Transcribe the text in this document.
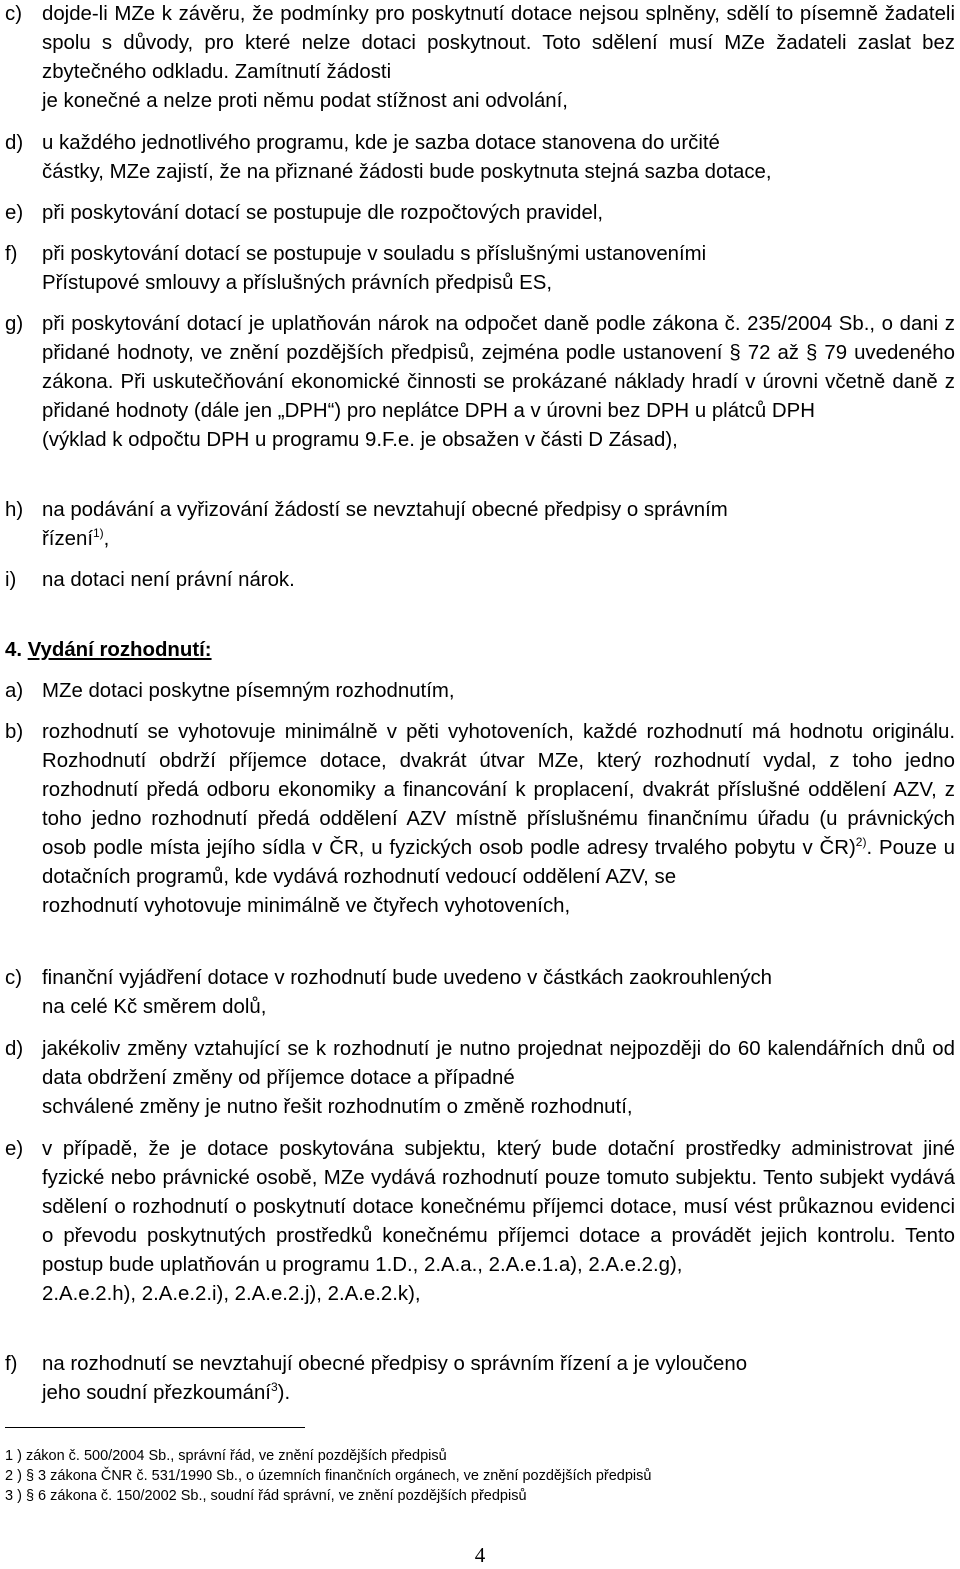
c) dojde-li MZe k závěru, že podmínky pro poskytnutí dotace nejsou splněny, sdělí to písemně žadateli spolu s důvody, pro které nelze dotaci poskytnout. Toto sdělení musí MZe žadateli zaslat bez zbytečného odkladu. Zamítnutí žádosti
je konečné a nelze proti němu podat stížnost ani odvolání,
d) u každého jednotlivého programu, kde je sazba dotace stanovena do určité
částky, MZe zajistí, že na přiznané žádosti bude poskytnuta stejná sazba dotace,
e) při poskytování dotací se postupuje dle rozpočtových pravidel,
f)	při poskytování dotací se postupuje v souladu s příslušnými ustanoveními
Přístupové smlouvy a příslušných právních předpisů ES,
g) při poskytování dotací je uplatňován nárok na odpočet daně podle zákona č. 235/2004 Sb., o dani z přidané hodnoty, ve znění pozdějších předpisů, zejména podle ustanovení § 72 až § 79 uvedeného zákona. Při uskutečňování ekonomické činnosti se prokázané náklady hradí v úrovni včetně daně z přidané hodnoty (dále jen „DPH“) pro neplátce DPH a v úrovni bez DPH u plátců DPH
(výklad k odpočtu DPH u programu 9.F.e. je obsažen v části D Zásad),
h) na podávání a vyřizování žádostí se nevztahují obecné předpisy o správním
řízení$^{1)}$,
i)	na dotaci není právní nárok.
4. Vydání rozhodnutí:
a) MZe dotaci poskytne písemným rozhodnutím,
b) rozhodnutí se vyhotovuje minimálně v pěti vyhotoveních, každé rozhodnutí má hodnotu originálu. Rozhodnutí obdrží příjemce dotace, dvakrát útvar MZe, který rozhodnutí vydal, z toho jedno rozhodnutí předá odboru ekonomiky a financování k proplacení, dvakrát příslušné oddělení AZV, z toho jedno rozhodnutí předá oddělení AZV místně příslušnému finančnímu úřadu (u právnických osob podle místa jejího sídla v ČR, u fyzických osob podle adresy trvalého pobytu v ČR)$^{2)}$. Pouze u dotačních programů, kde vydává rozhodnutí vedoucí oddělení AZV, se
rozhodnutí vyhotovuje minimálně ve čtyřech vyhotoveních,
c) finanční vyjádření dotace v rozhodnutí bude uvedeno v částkách zaokrouhlených
na celé Kč směrem dolů,
d) jakékoliv změny vztahující se k rozhodnutí je nutno projednat nejpozději do 60 kalendářních dnů od data obdržení změny od příjemce dotace a případné
schválené změny je nutno řešit rozhodnutím o změně rozhodnutí,
e) v případě, že je dotace poskytována subjektu, který bude dotační prostředky administrovat jiné fyzické nebo právnické osobě, MZe vydává rozhodnutí pouze tomuto subjektu. Tento subjekt vydává sdělení o rozhodnutí o poskytnutí dotace konečnému příjemci dotace, musí vést průkaznou evidenci o převodu poskytnutých prostředků konečnému příjemci dotace a provádět jejich kontrolu. Tento postup bude uplatňován u programu 1.D., 2.A.a., 2.A.e.1.a), 2.A.e.2.g),
2.A.e.2.h), 2.A.e.2.i), 2.A.e.2.j), 2.A.e.2.k),
f)	na rozhodnutí se nevztahují obecné předpisy o správním řízení a je vyloučeno
jeho soudní přezkoumání$^3$).
1 ) zákon č. 500/2004 Sb., správní řád, ve znění pozdějších předpisů
2 ) § 3 zákona ČNR č. 531/1990 Sb., o územních finančních orgánech, ve znění pozdějších předpisů
3 ) § 6 zákona č. 150/2002 Sb., soudní řád správní, ve znění pozdějších předpisů
4
